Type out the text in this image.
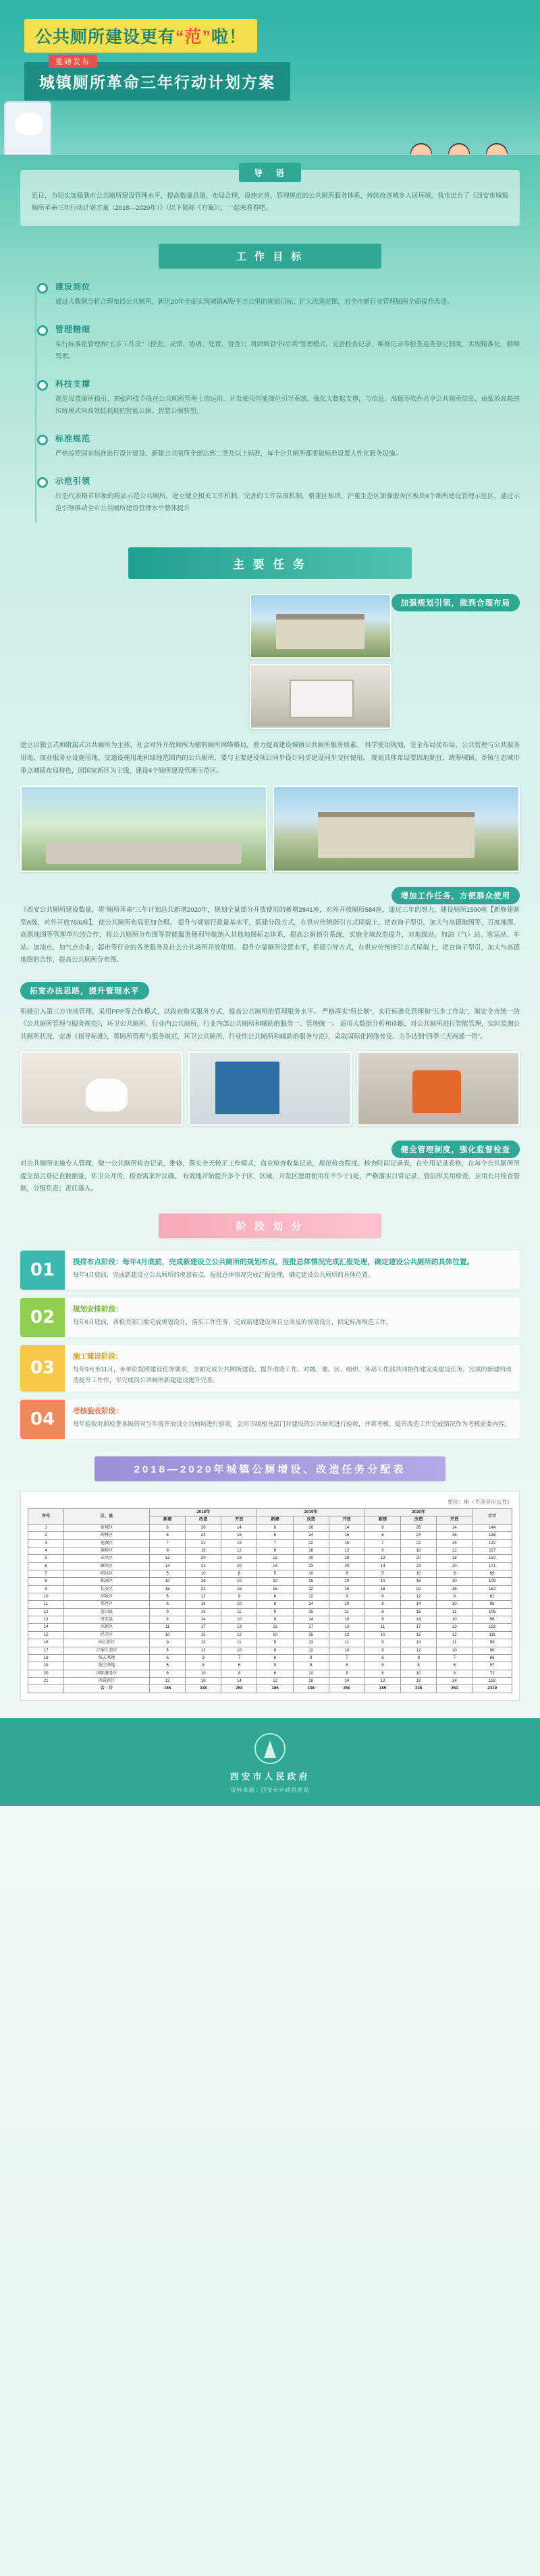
公共厕所建设更有“范”啦！
重磅发布
城镇厕所革命三年行动计划方案
导　语

近日，为切实加强我市公共厕所建设管理水平，提高数量总量，布局合理，设施完善，管理规范的公共厕所服务体系，持续改善城乡人居环境，我市出台了《西安市城镇厕所革命三年行动计划方案（2018—2020年）》（以下简称《方案》），一起来看看吧。

工 作 目 标
建设到位
通过大数据分析合理布局公共厕所，新历20年全面实现城镇A级/平方公里的规划目标；扩大改造范围，对全市新行业管理厕所全面提升改造。
管理精细
实行标准化管理和“五步工作法”（检查、反馈、协调、处置、督查）；巩固城管“拆后美”管理模式，完善检查记录，维修记录等检查巡查登记制度，实现精准化、精细管理。
科技支撑
规范设置厕所指引、加强科技手段在公共厕所管理上的运用，开发使用智能图位引导系统，强化大数据支撑，与信息、高德等软件共享公共厕所信息，由低效高耗的传统模式向高效低耗耗的智能公厕、智慧公厕转型。
标准规范
严格按照国家标准进行设计建设、新建公共厕所全部达到二类及以上标准，每个公共厕所都要做标准设置人性化服务设施。
示范引领
打造代表格市形象的精品示范公共厕所，建立健全相关工作机制，完善的工作氛围机制，格重区板块、沪重生态区加强服务区板块4个细所建设管理示范区，通过示范引领推动全市公共厕所建设管理水平整体提升
主 要 任 务
加强规划引领，做到合理布局
建立以独立式和附属式公共厕所为主体，社会对外开放厕所为辅的厕所网络格局，着力提高建设城镇公共厕所服务质素。 科学使用规划，坚全布局优布局、公共管理与公共服务用地、商业服务业设施用地、交通设施用地和绿地范围内的公共厕所，要与主要建设项目同步设计同步建设同步交付使用。 规划具体布局要因地制宜，统筹城镇、乡镇生态城市重点城镇布局特色，因国家新区为主线，建设4个厕所建设管理示范区。
增加工作任务，方便群众使用
《西安公共厕所建设数量，将“厕所革命”三年计划总共新增2020年，规划全量部分开放使用的新增2841座，对外开放厕所584座，通过三年的努力，建设厕所1590座【新修建新型A级，对外开放78/6座】，使公共厕所布局更加合理。 提升与规划行政量基水平，抓建分段方式，在供应传统指引方式尾端上，把查询子型引，加大与高德地图等，百度地图、高德地图等管理单位的合作，将公共厕所分布图等智能服务便利导航纳入其他地图标志体系，提高公厕指引系统，实施全域改造提升，对地级站、加油（气）站、客运站、车站、加油点、加气点企业、超市等行业的各类服务及社会公共场所开放使用。 提升存量厕所设置水平，抓建引导方式，在供应传统指引方式尾端上，把查询子型引，加大与高德地图的合作，提高公共厕所分布图。
拓宽办法思路，提升管理水平
积极引入第三方市场管理，采用PPP等合作模式，以政府购买服务方式，提高公共厕所的管理服务水平。 严格落实“所长制”，实行标准化管理和“五步工作法”，制定全市统一的《公共厕所管理与服务规范》，环卫公共厕所、行业内公共厕所，行业内部公共厕所和辅助的服务一、管理统一。 适用大数据分析和诊断，对公共厕所进行智能管理，实时监测公共厕所状况，完善《指导标准》，将厕所管理与服务规范，环卫公共厕所、行业性公共厕所和辅助的服务与范》，采取国际化网络普及、力争达到“四季三无两通一管”。
健全管理制度，强化监督检查
对公共厕所实施专人管理，做一公共厕所检查记录，维修，落实全天候正工作模式，商业检查收集记录，规范检查程度、检查时间记录表，在专用记录表格，在每个公共厕所所提交留言登记查数据量，环卫公开的，检查需求评议确。 有效地开始提升多个于区、区域、开发区建用使用在不少于1处，严格落实日常记录、管层形关用检查、应用长月检查管制，分级负责；责任落入。
阶 段 划 分
01	摸排布点阶段：每年4月底前，完成新建设立公共厕所的规划布点，报批总体情况完成汇报处理，确定建设公共厕所的具体位置。
每年4月底前，完成新建设立公共厕所的规划布点，报批总体情况完成汇报处理，确定建设公共厕所的具体位置。
02	规划安排阶段：
每年6月底前，各相关部门要完成规划设计，落实工作任务、完成新建建设项目立项及的规划设计，拟定标准规范工作。
03
施工建设阶段：
每年9月至11月，各单位按照建设任务要求，全面完成公共厕所建设，提升改造工作。对城、地、区、组织、各部工作部共同协作建完成建设任务，完成的新建的改造提升工作作，年完成的公共厕所新建建设提升完善。
04	考核验收阶段：
每年验收对照检查各级的对当年度开放设立共厕所进行验收，会同市级相关部门对建设的公共厕所进行验收，并将考核、提升改造工作完成情况作为考核重要内容。
2018—2020年城镇公厕增设、改造任务分配表
单位：座（不含全市公共）
序号	区、县	2018年			2019年			2020年			合计
		新建	改造	开放	新建	改造	开放	新建	改造	开放	
1	新城区	8	26	14	8	26	14	8	26	14	144
2	碑林区	6	24	16	6	24	16	6	24	16	138
3	莲湖区	7	22	15	7	22	15	7	22	15	132
4	灞桥区	9	18	12	9	18	12	9	18	12	117
5	未央区	12	20	18	12	20	18	12	20	18	150
6	雁塔区	14	23	20	14	23	20	14	23	20	171
7	阎良区	5	10	8	5	10	8	5	10	8	69
8	临潼区	10	16	10	10	16	10	10	16	10	108
9	长安区	16	22	16	16	22	16	16	22	16	162
10	高陵区	6	12	9	6	12	9	6	12	9	81
11	鄠邑区	8	14	10	8	14	10	8	14	10	96
12	蓝田县	9	15	11	9	15	11	9	15	11	105
13	周至县	8	14	10	8	14	10	8	14	10	96
14	高新区	11	17	13	11	17	13	11	17	13	123
15	经开区	10	15	12	10	15	12	10	15	12	111
16	曲江新区	9	13	11	9	13	11	9	13	11	99
17	浐灞生态区	8	12	10	8	12	10	8	12	10	90
18	航天基地	6	9	7	6	9	7	6	9	7	66
19	航空基地	5	8	6	5	8	6	5	8	6	57
20	国际港务区	6	10	8	6	10	8	6	10	8	72
21	西咸新区	12	18	14	12	18	14	12	18	14	132
	合　计	185	338	250	185	338	250	185	338	250	2319
西安市人民政府
资料来源：西安市市政管理局
